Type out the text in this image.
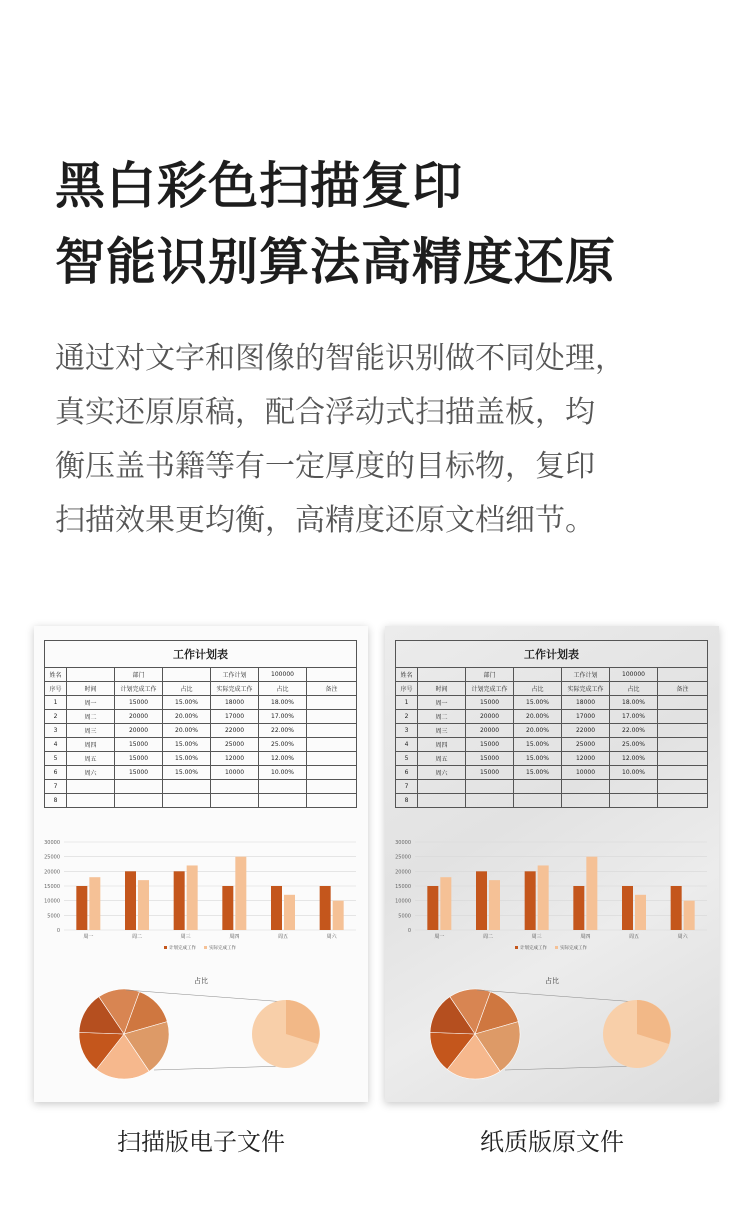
黑白彩色扫描复印
智能识别算法高精度还原
通过对文字和图像的智能识别做不同处理，
真实还原原稿，配合浮动式扫描盖板，均
衡压盖书籍等有一定厚度的目标物，复印
扫描效果更均衡，高精度还原文档细节。
工作计划表						
姓名		部门		工作计划	100000	
序号	时间	计划完成工作	占比	实际完成工作	占比	备注
1	周一	15000	15.00%	18000	18.00%	
2	周二	20000	20.00%	17000	17.00%	
3	周三	20000	20.00%	22000	22.00%	
4	周四	15000	15.00%	25000	25.00%	
5	周五	15000	15.00%	12000	12.00%	
6	周六	15000	15.00%	10000	10.00%	
7						
8						
30000
25000
20000
15000
10000
5000
0
周一	周二	周三	周四	周五	周六
计划完成工作	实际完成工作
占比
工作计划表						
姓名		部门		工作计划	100000	
序号	时间	计划完成工作	占比	实际完成工作	占比	备注
1	周一	15000	15.00%	18000	18.00%	
2	周二	20000	20.00%	17000	17.00%	
3	周三	20000	20.00%	22000	22.00%	
4	周四	15000	15.00%	25000	25.00%	
5	周五	15000	15.00%	12000	12.00%	
6	周六	15000	15.00%	10000	10.00%	
7						
8						
30000
25000
20000
15000
10000
5000
0
周一	周二	周三	周四	周五	周六
计划完成工作	实际完成工作
占比
扫描版电子文件	纸质版原文件
